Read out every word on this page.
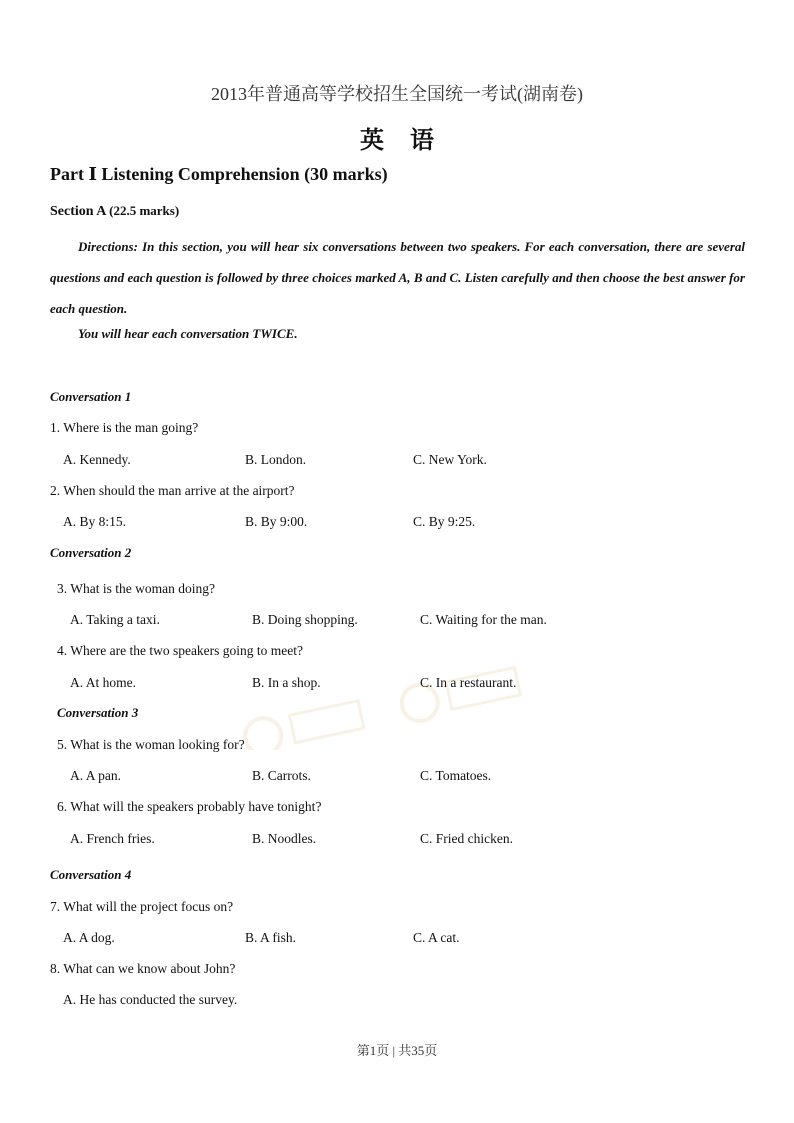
2013年普通高等学校招生全国统一考试(湖南卷)
英语
Part Ⅰ Listening Comprehension (30 marks)
Section A (22.5 marks)
Directions: In this section, you will hear six conversations between two speakers. For each conversation, there are several questions and each question is followed by three choices marked A, B and C. Listen carefully and then choose the best answer for each question.
You will hear each conversation TWICE.
Conversation 1
1. Where is the man going?
A. Kennedy.	B. London.	C. New York.
2. When should the man arrive at the airport?
A. By 8:15.	B. By 9:00.	C. By 9:25.
Conversation 2
3. What is the woman doing?
A. Taking a taxi.	B. Doing shopping.	C. Waiting for the man.
4. Where are the two speakers going to meet?
A. At home.	B. In a shop.	C. In a restaurant.
Conversation 3
5. What is the woman looking for?
A. A pan.	B. Carrots.	C. Tomatoes.
6. What will the speakers probably have tonight?
A. French fries.	B. Noodles.	C. Fried chicken.
Conversation 4
7. What will the project focus on?
A. A dog.	B. A fish.	C. A cat.
8. What can we know about John?
A. He has conducted the survey.
第1页 | 共35页
